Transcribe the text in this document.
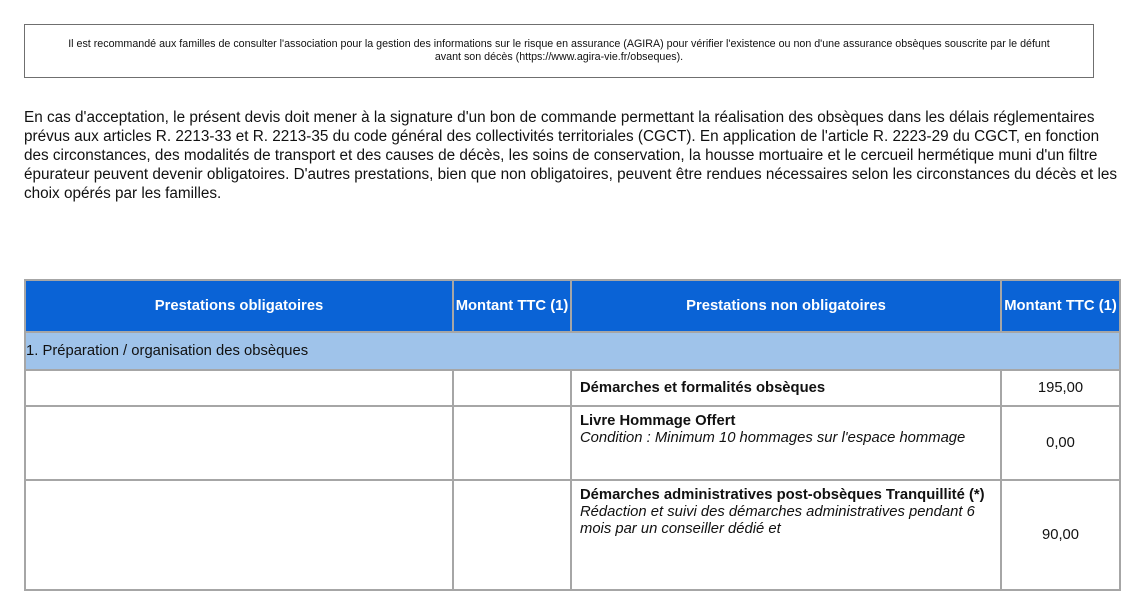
Il est recommandé aux familles de consulter l'association pour la gestion des informations sur le risque en assurance (AGIRA) pour vérifier l'existence ou non d'une assurance obsèques souscrite par le défunt avant son décès (https://www.agira-vie.fr/obseques).

En cas d'acceptation, le présent devis doit mener à la signature d'un bon de commande permettant la réalisation des obsèques dans les délais réglementaires prévus aux articles R. 2213-33 et R. 2213-35 du code général des collectivités territoriales (CGCT). En application de l'article R. 2223-29 du CGCT, en fonction des circonstances, des modalités de transport et des causes de décès, les soins de conservation, la housse mortuaire et le cercueil hermétique muni d'un filtre épurateur peuvent devenir obligatoires. D'autres prestations, bien que non obligatoires, peuvent être rendues nécessaires selon les circonstances du décès et les choix opérés par les familles.

Prestations obligatoires	Montant TTC (1)	Prestations non obligatoires	Montant TTC (1)
1. Préparation / organisation des obsèques			

		Démarches et formalités obsèques	195,00

		Livre Hommage Offert
Condition : Minimum 10 hommages sur l'espace hommage	0,00

		Démarches administratives post-obsèques Tranquillité (*)
Rédaction et suivi des démarches administratives pendant 6 mois par un conseiller dédié et	90,00
